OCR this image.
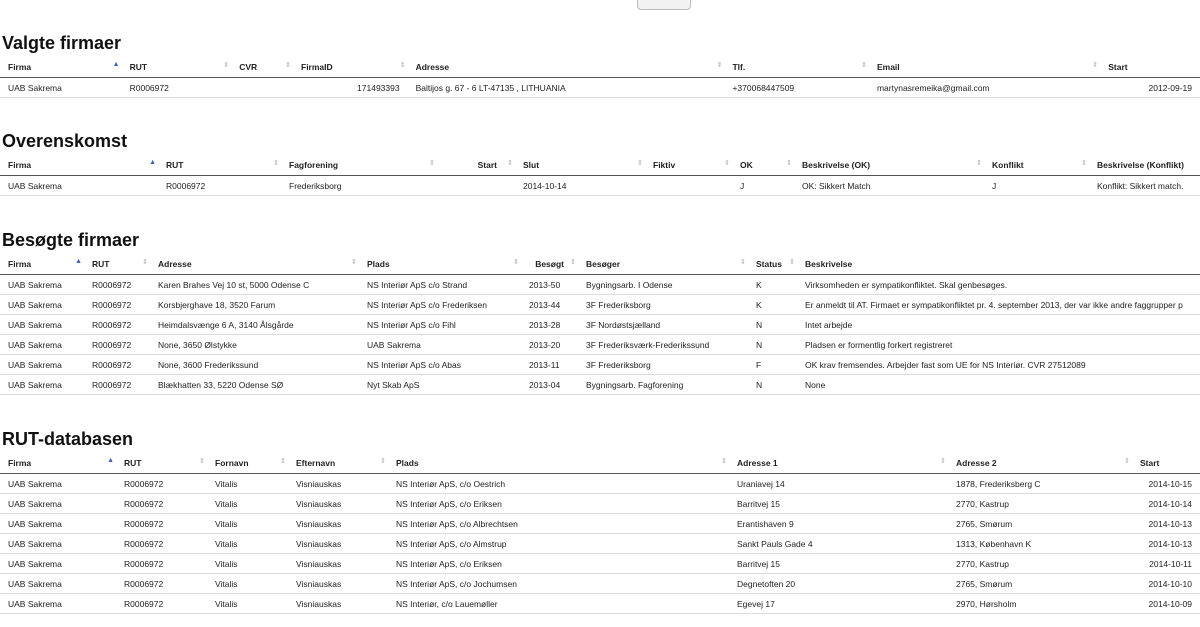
Valgte firmaer
Firma ▲	RUT ⇕	CVR ⇕	FirmaID ⇕	Adresse ⇕	Tlf. ⇕	Email ⇕	Start
UAB Sakrema	R0006972		171493393	Baltijos g. 67 - 6 LT-47135 , LITHUANIA	+370068447509	martynasremeika@gmail.com	2012-09-19
Overenskomst
Firma ▲	RUT ⇕	Fagforening ⇕	Start ⇕	Slut ⇕	Fiktiv ⇕	OK ⇕	Beskrivelse (OK) ⇕	Konflikt ⇕	Beskrivelse (Konflikt)
UAB Sakrema	R0006972	Frederiksborg		2014-10-14		J	OK: Sikkert Match	J	Konflikt: Sikkert match.
Besøgte firmaer
Firma ▲	RUT ⇕	Adresse ⇕	Plads ⇕	Besøgt ⇕	Besøger ⇕	Status ⇕	Beskrivelse
UAB Sakrema	R0006972	Karen Brahes Vej 10 st, 5000 Odense C	NS Interiør ApS c/o Strand	2013-50	Bygningsarb. I Odense	K	Virksomheden er sympatikonfliktet. Skal genbesøges.
UAB Sakrema	R0006972	Korsbjerghave 18, 3520 Farum	NS Interiør ApS c/o Frederiksen	2013-44	3F Frederiksborg	K	Er anmeldt til AT. Firmaet er sympatikonfliktet pr. 4. september 2013, der var ikke andre faggrupper p
UAB Sakrema	R0006972	Heimdalsvænge 6 A, 3140 Ålsgårde	NS Interiør ApS c/o Fihl	2013-28	3F Nordøstsjælland	N	Intet arbejde
UAB Sakrema	R0006972	None, 3650 Ølstykke	UAB Sakrema	2013-20	3F Frederiksværk-Frederikssund	N	Pladsen er formentlig forkert registreret
UAB Sakrema	R0006972	None, 3600 Frederikssund	NS Interiør ApS c/o Abas	2013-11	3F Frederiksborg	F	OK krav fremsendes. Arbejder fast som UE for NS Interiør. CVR 27512089
UAB Sakrema	R0006972	Blækhatten 33, 5220 Odense SØ	Nyt Skab ApS	2013-04	Bygningsarb. Fagforening	N	None
RUT-databasen
Firma ▲	RUT ⇕	Fornavn ⇕	Efternavn ⇕	Plads ⇕	Adresse 1 ⇕	Adresse 2 ⇕	Start
UAB Sakrema	R0006972	Vitalis	Visniauskas	NS Interiør ApS, c/o Oestrich	Uraniavej 14	1878, Frederiksberg C	2014-10-15
UAB Sakrema	R0006972	Vitalis	Visniauskas	NS Interiør ApS, c/o Eriksen	Barritvej 15	2770, Kastrup	2014-10-14
UAB Sakrema	R0006972	Vitalis	Visniauskas	NS Interiør ApS, c/o Albrechtsen	Erantishaven 9	2765, Smørum	2014-10-13
UAB Sakrema	R0006972	Vitalis	Visniauskas	NS Interiør ApS, c/o Almstrup	Sankt Pauls Gade 4	1313, København K	2014-10-13
UAB Sakrema	R0006972	Vitalis	Visniauskas	NS Interiør ApS, c/o Eriksen	Barritvej 15	2770, Kastrup	2014-10-11
UAB Sakrema	R0006972	Vitalis	Visniauskas	NS Interiør ApS, c/o Jochumsen	Degnetoften 20	2765, Smørum	2014-10-10
UAB Sakrema	R0006972	Vitalis	Visniauskas	NS Interiør, c/o Lauemøller	Egevej 17	2970, Hørsholm	2014-10-09
